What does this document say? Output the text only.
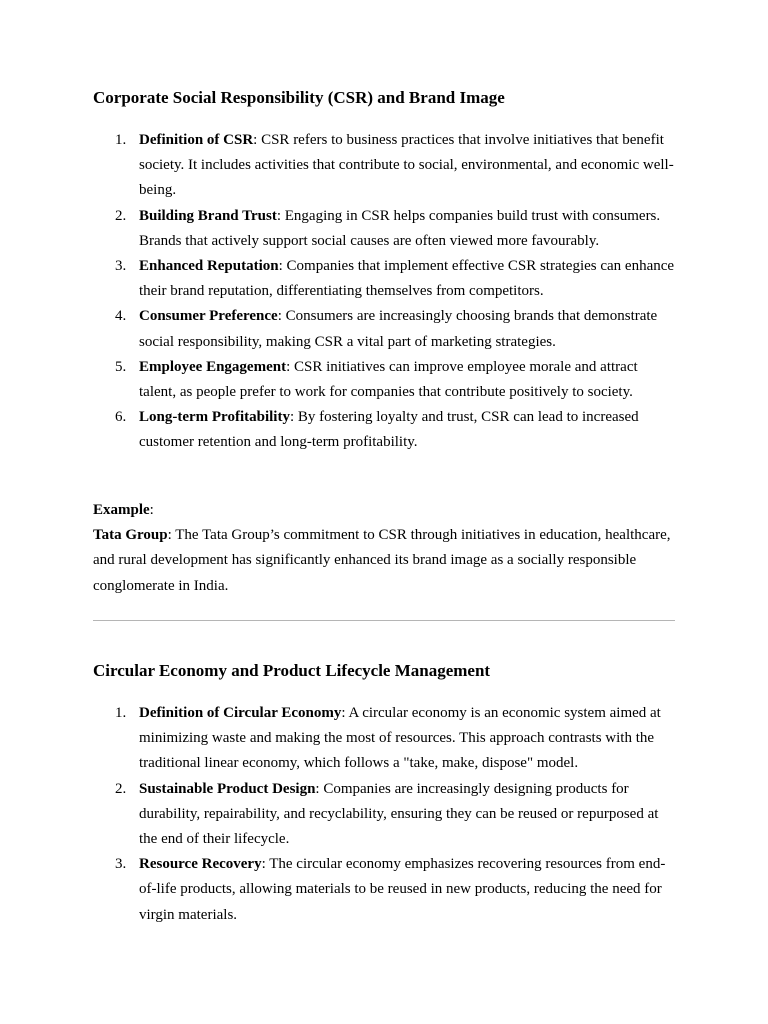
Corporate Social Responsibility (CSR) and Brand Image
1. Definition of CSR: CSR refers to business practices that involve initiatives that benefit society. It includes activities that contribute to social, environmental, and economic well-being.
2. Building Brand Trust: Engaging in CSR helps companies build trust with consumers. Brands that actively support social causes are often viewed more favourably.
3. Enhanced Reputation: Companies that implement effective CSR strategies can enhance their brand reputation, differentiating themselves from competitors.
4. Consumer Preference: Consumers are increasingly choosing brands that demonstrate social responsibility, making CSR a vital part of marketing strategies.
5. Employee Engagement: CSR initiatives can improve employee morale and attract talent, as people prefer to work for companies that contribute positively to society.
6. Long-term Profitability: By fostering loyalty and trust, CSR can lead to increased customer retention and long-term profitability.

Example:

Tata Group: The Tata Group’s commitment to CSR through initiatives in education, healthcare, and rural development has significantly enhanced its brand image as a socially responsible conglomerate in India.

Circular Economy and Product Lifecycle Management
1. Definition of Circular Economy: A circular economy is an economic system aimed at minimizing waste and making the most of resources. This approach contrasts with the traditional linear economy, which follows a "take, make, dispose" model.
2. Sustainable Product Design: Companies are increasingly designing products for durability, repairability, and recyclability, ensuring they can be reused or repurposed at the end of their lifecycle.
3. Resource Recovery: The circular economy emphasizes recovering resources from end-of-life products, allowing materials to be reused in new products, reducing the need for virgin materials.
